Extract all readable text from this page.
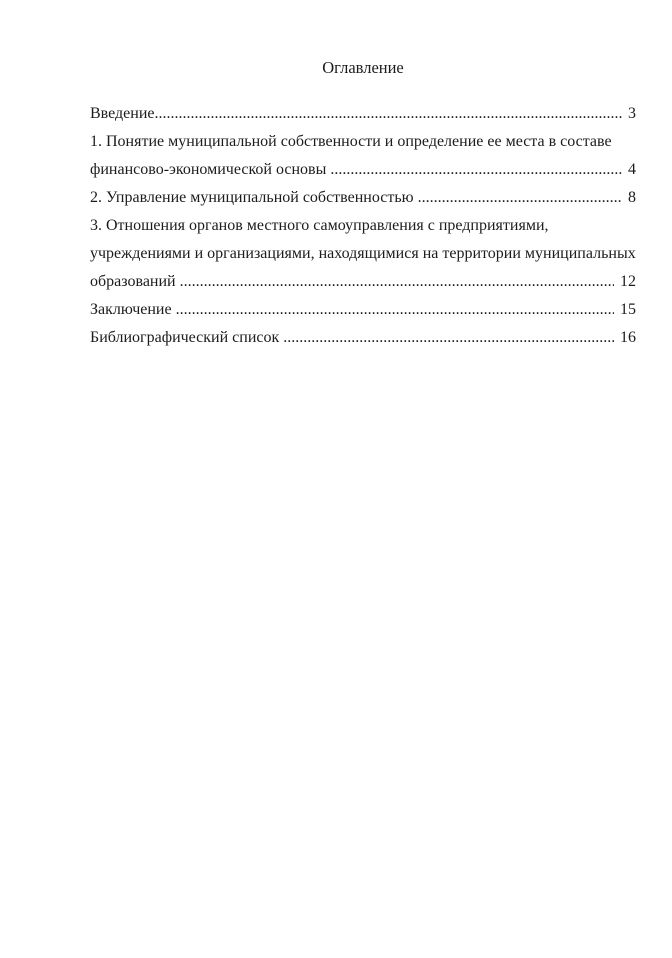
Оглавление
Введение .....	3
1. Понятие муниципальной собственности и определение ее места в составе
финансово-экономической основы .....	4
2. Управление муниципальной собственностью .....	8
3. Отношения органов местного самоуправления с предприятиями,
учреждениями и организациями, находящимися на территории муниципальных
образований .....	12
Заключение .....	15
Библиографический список .....	16
